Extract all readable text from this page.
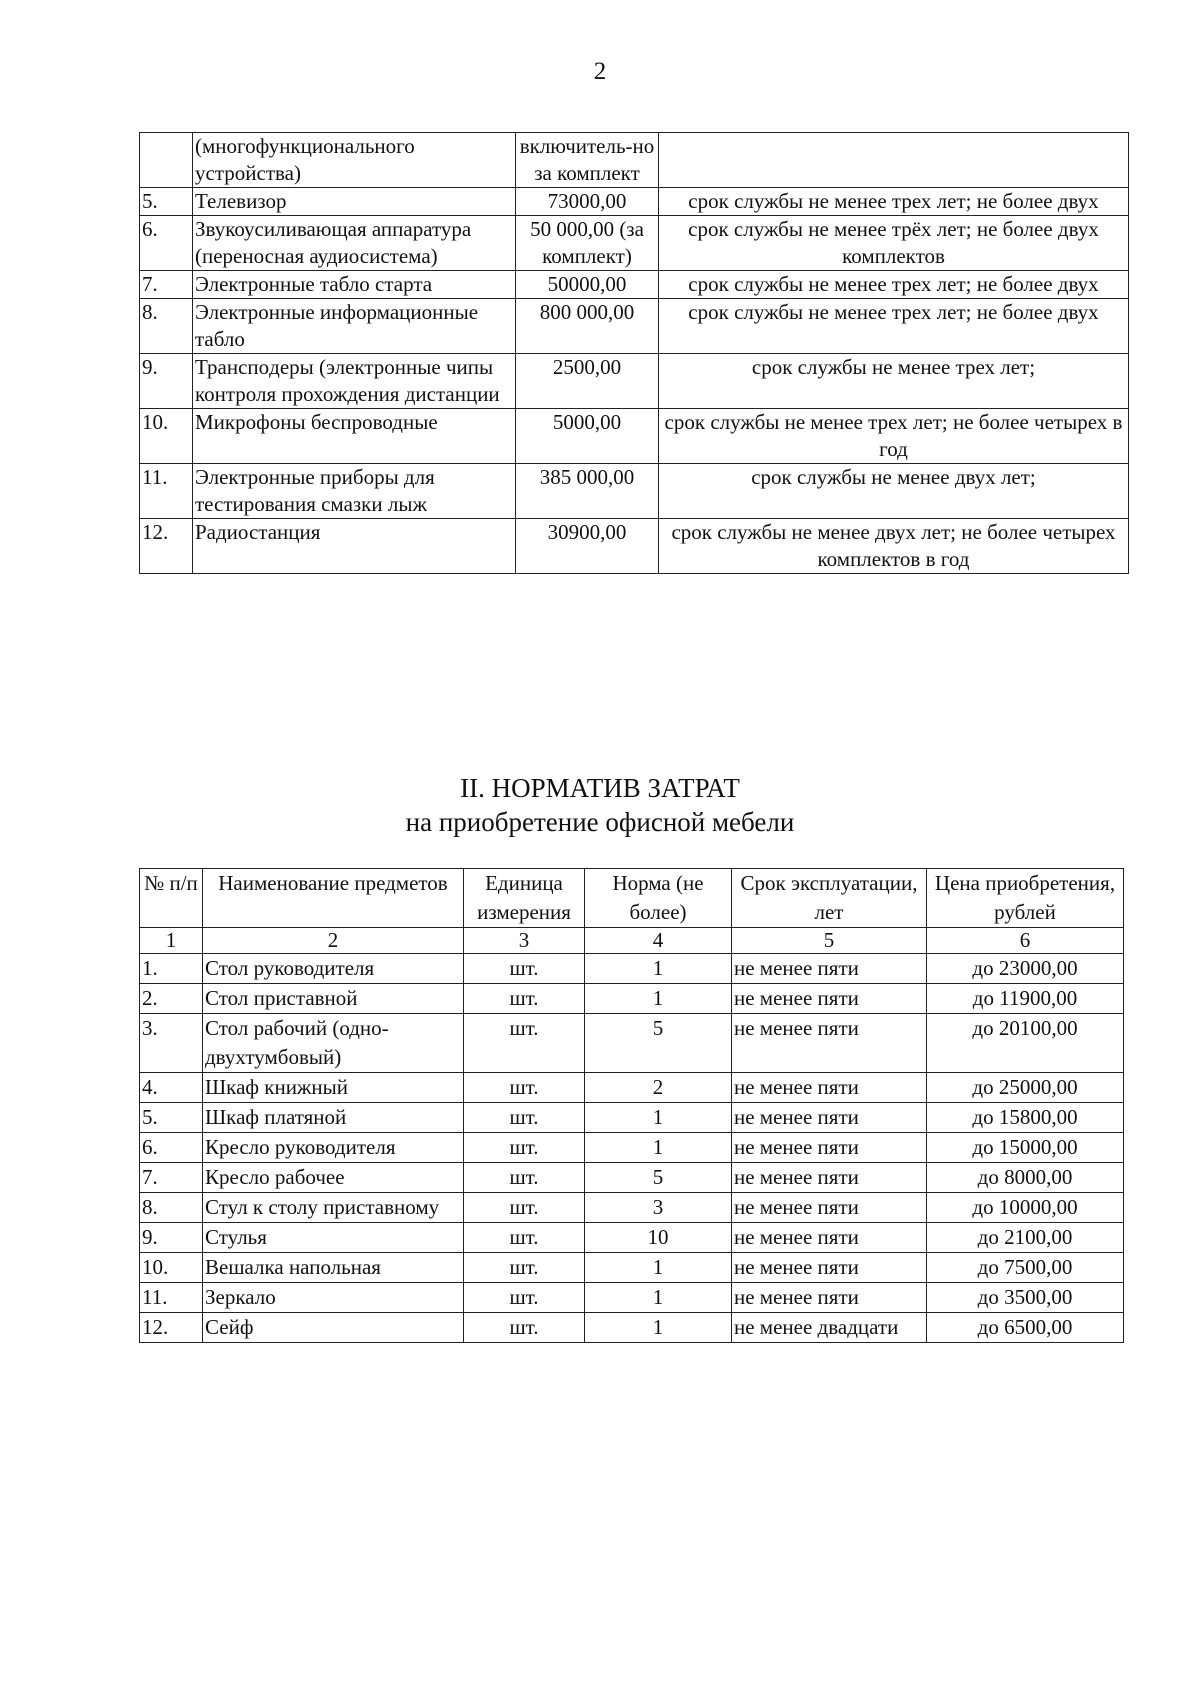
2
	(многофункционального устройства)	включитель-но за комплект	
5.	Телевизор	73000,00	срок службы не менее трех лет; не более двух
6.	Звукоусиливающая аппаратура (переносная аудиосистема)	50 000,00 (за комплект)	срок службы не менее трёх лет; не более двух комплектов
7.	Электронные табло старта	50000,00	срок службы не менее трех лет; не более двух
8.	Электронные информационные табло	800 000,00	срок службы не менее трех лет; не более двух
9.	Транспoдеры (электронные чипы контроля прохождения дистанции	2500,00	срок службы не менее трех лет;
10.	Микрофоны беспроводные	5000,00	срок службы не менее трех лет; не более четырех в год
11.	Электронные приборы для тестирования смазки лыж	385 000,00	срок службы не менее двух лет;
12.	Радиостанция	30900,00	срок службы не менее двух лет; не более четырех комплектов в год
II. НОРМАТИВ ЗАТРАТ
на приобретение офисной мебели
№ п/п	Наименование предметов	Единица измерения	Норма (не более)	Срок эксплуатации, лет	Цена приобретения, рублей
1	2	3	4	5	6
1.	Стол руководителя	шт.	1	не менее пяти	до 23000,00
2.	Стол приставной	шт.	1	не менее пяти	до 11900,00
3.	Стол рабочий (одно-двухтумбовый)	шт.	5	не менее пяти	до 20100,00
4.	Шкаф книжный	шт.	2	не менее пяти	до 25000,00
5.	Шкаф платяной	шт.	1	не менее пяти	до 15800,00
6.	Кресло руководителя	шт.	1	не менее пяти	до 15000,00
7.	Кресло рабочее	шт.	5	не менее пяти	до 8000,00
8.	Стул к столу приставному	шт.	3	не менее пяти	до 10000,00
9.	Стулья	шт.	10	не менее пяти	до 2100,00
10.	Вешалка напольная	шт.	1	не менее пяти	до 7500,00
11.	Зеркало	шт.	1	не менее пяти	до 3500,00
12.	Сейф	шт.	1	не менее двадцати	до 6500,00
